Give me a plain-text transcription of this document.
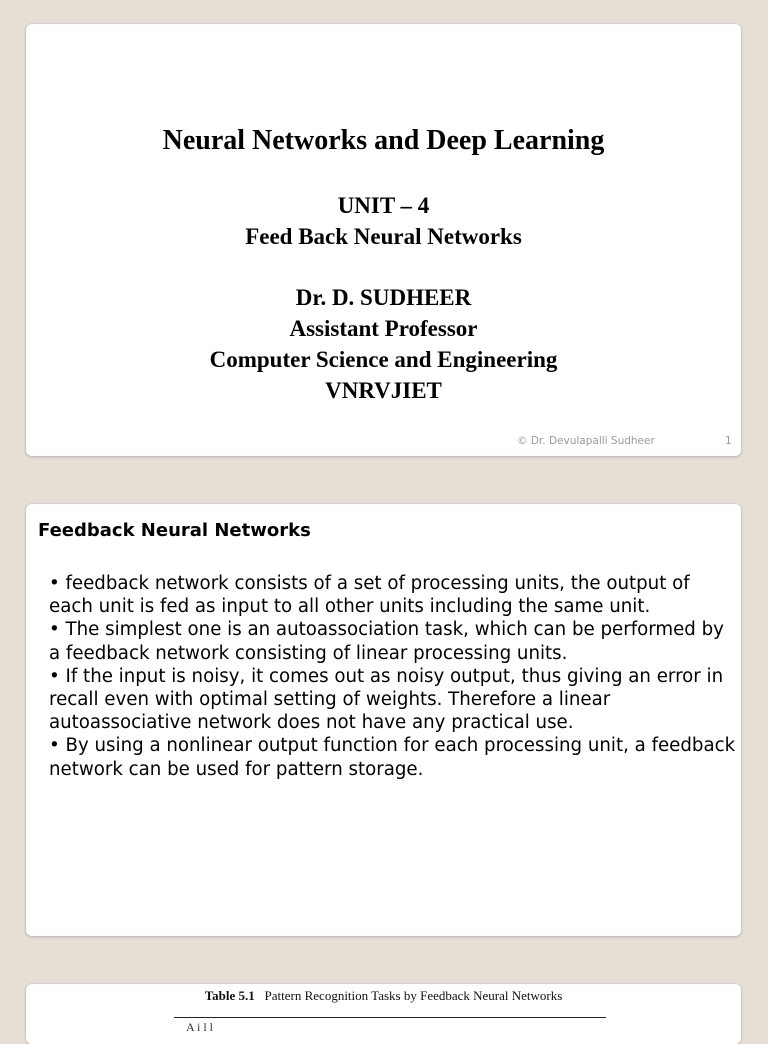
Neural Networks and Deep Learning
UNIT – 4
Feed Back Neural Networks
Dr. D. SUDHEER
Assistant Professor
Computer Science and Engineering
VNRVJIET
© Dr. Devulapalli Sudheer	1
Feedback Neural Networks
• feedback network consists of a set of processing units, the output of each unit is fed as input to all other units including the same unit.
• The simplest one is an autoassociation task, which can be performed by a feedback network consisting of linear processing units.
• If the input is noisy, it comes out as noisy output, thus giving an error in recall even with optimal setting of weights. Therefore a linear autoassociative network does not have any practical use.
• By using a nonlinear output function for each processing unit, a feedback network can be used for pattern storage.
Table 5.1 Pattern Recognition Tasks by Feedback Neural Networks
A i l l
